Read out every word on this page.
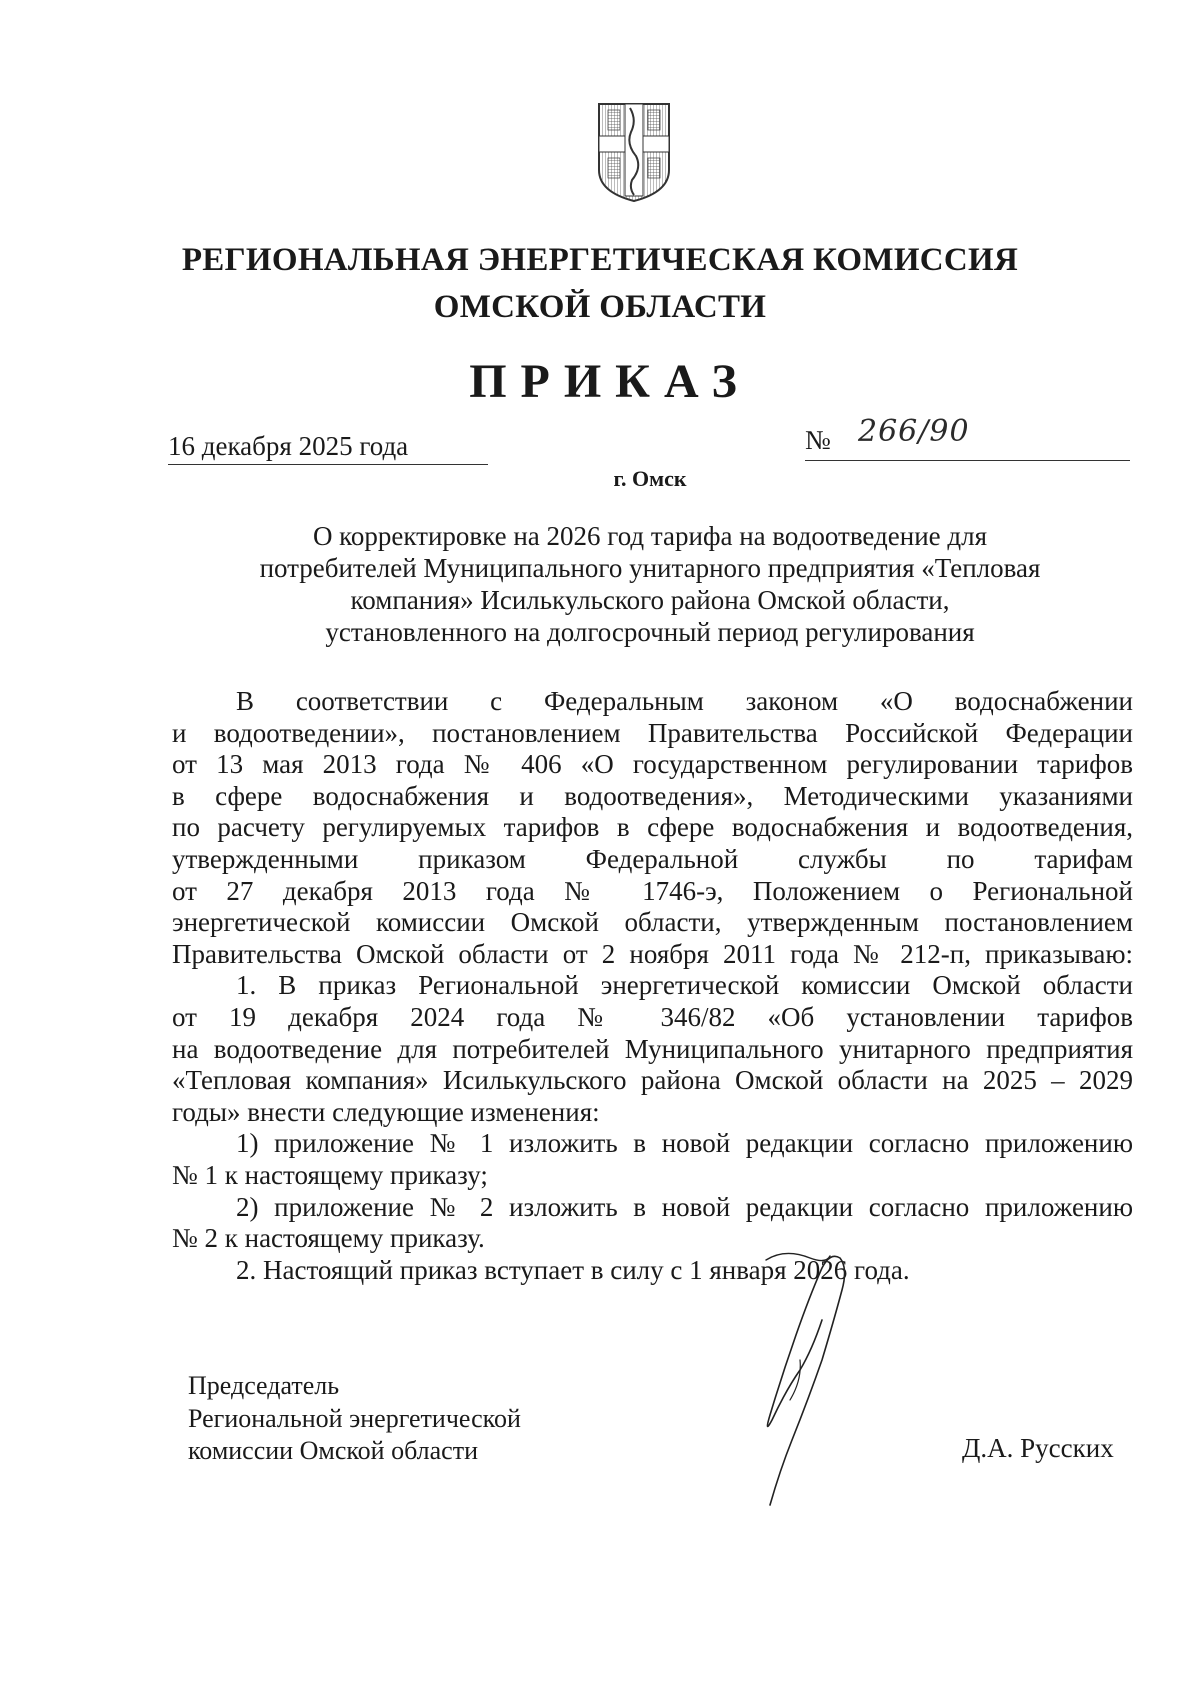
РЕГИОНАЛЬНАЯ ЭНЕРГЕТИЧЕСКАЯ КОМИССИЯ
ОМСКОЙ ОБЛАСТИ
ПРИКАЗ
16 декабря 2025 года	№ 266/90
г. Омск
О корректировке на 2026 год тарифа на водоотведение для
потребителей Муниципального унитарного предприятия «Тепловая
компания» Исилькульского района Омской области,
установленного на долгосрочный период регулирования
В соответствии с Федеральным законом «О водоснабжении
и водоотведении», постановлением Правительства Российской Федерации
от 13 мая 2013 года № 406 «О государственном регулировании тарифов
в сфере водоснабжения и водоотведения», Методическими указаниями
по расчету регулируемых тарифов в сфере водоснабжения и водоотведения,
утвержденными приказом Федеральной службы по тарифам
от 27 декабря 2013 года № 1746-э, Положением о Региональной
энергетической комиссии Омской области, утвержденным постановлением
Правительства Омской области от 2 ноября 2011 года № 212-п, приказываю:
1. В приказ Региональной энергетической комиссии Омской области
от 19 декабря 2024 года № 346/82 «Об установлении тарифов
на водоотведение для потребителей Муниципального унитарного предприятия
«Тепловая компания» Исилькульского района Омской области на 2025 – 2029
годы» внести следующие изменения:
1) приложение № 1 изложить в новой редакции согласно приложению
№ 1 к настоящему приказу;
2) приложение № 2 изложить в новой редакции согласно приложению
№ 2 к настоящему приказу.
2. Настоящий приказ вступает в силу с 1 января 2026 года.
Председатель
Региональной энергетической
комиссии Омской области	Д.А. Русских
